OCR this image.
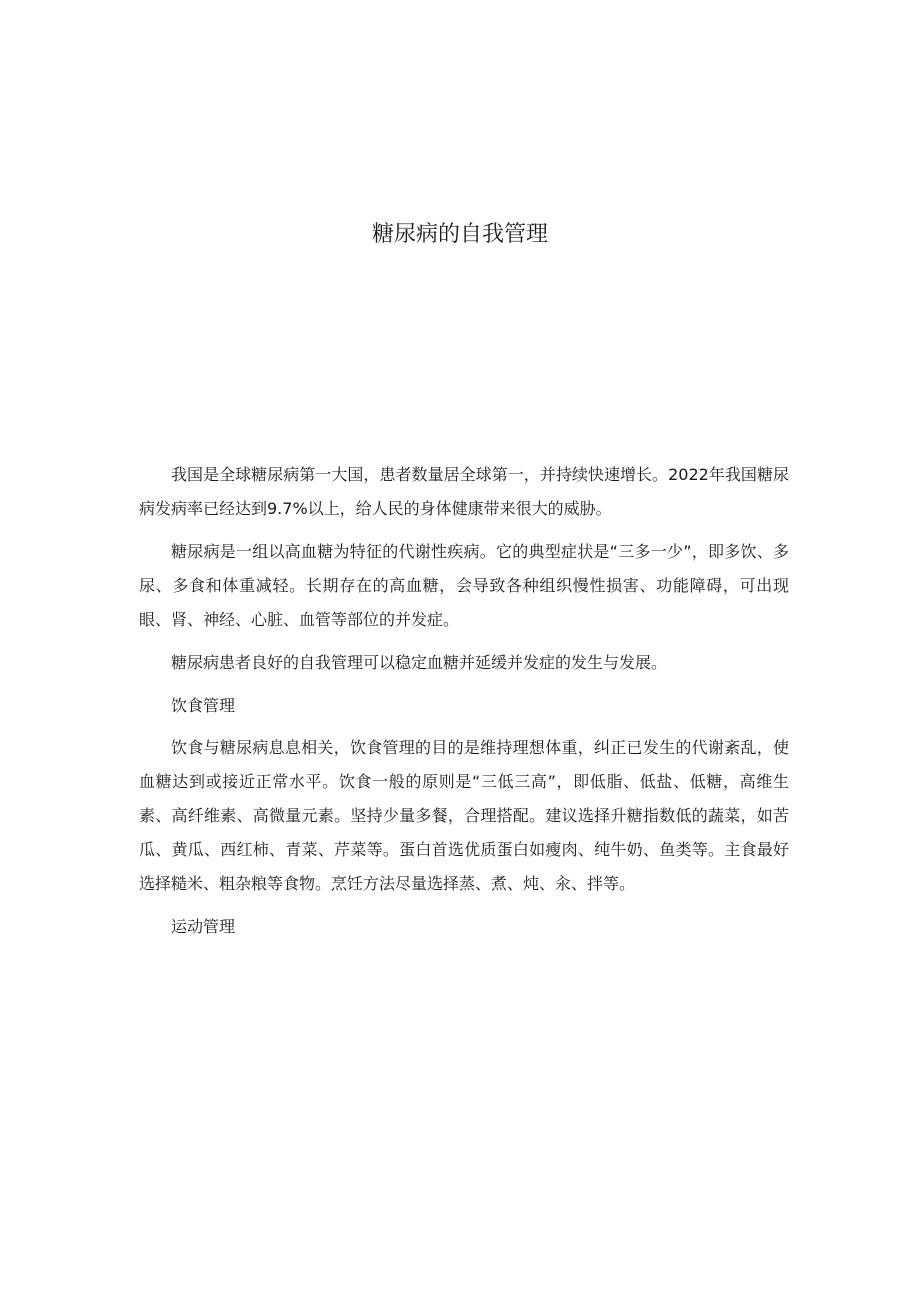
糖尿病的自我管理

我国是全球糖尿病第一大国，患者数量居全球第一，并持续快速增长。2022年我国糖尿病发病率已经达到9.7%以上，给人民的身体健康带来很大的威胁。

糖尿病是一组以高血糖为特征的代谢性疾病。它的典型症状是“三多一少”，即多饮、多尿、多食和体重减轻。长期存在的高血糖，会导致各种组织慢性损害、功能障碍，可出现眼、肾、神经、心脏、血管等部位的并发症。

糖尿病患者良好的自我管理可以稳定血糖并延缓并发症的发生与发展。

饮食管理

饮食与糖尿病息息相关，饮食管理的目的是维持理想体重，纠正已发生的代谢紊乱，使血糖达到或接近正常水平。饮食一般的原则是“三低三高”，即低脂、低盐、低糖，高维生素、高纤维素、高微量元素。坚持少量多餐，合理搭配。建议选择升糖指数低的蔬菜，如苦瓜、黄瓜、西红柿、青菜、芹菜等。蛋白首选优质蛋白如瘦肉、纯牛奶、鱼类等。主食最好选择糙米、粗杂粮等食物。烹饪方法尽量选择蒸、煮、炖、汆、拌等。

运动管理
